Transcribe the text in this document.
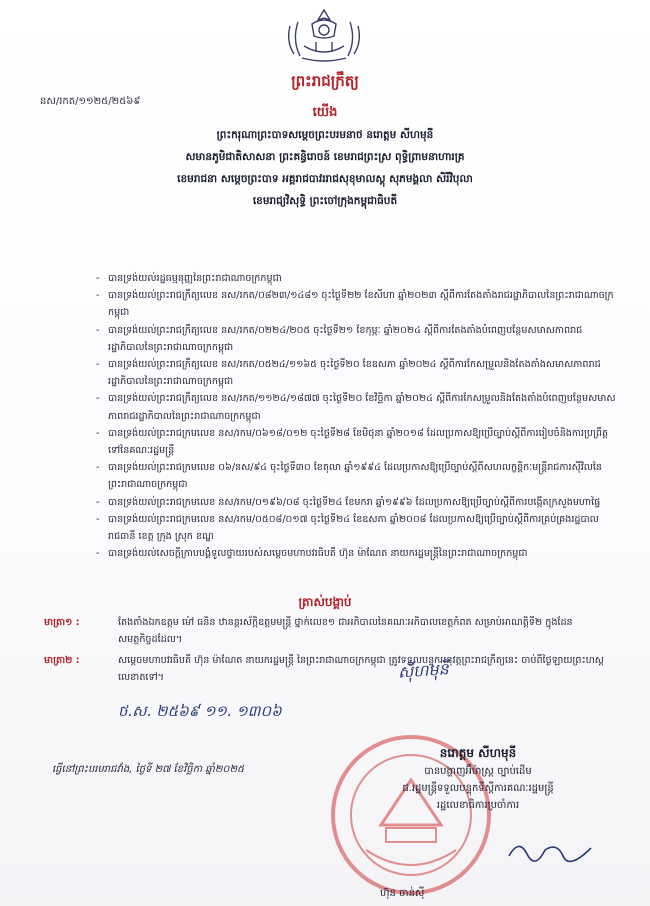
ព្រះរាជក្រឹត្យ
នស/រកត/១១២៥/២៥៦៩
យើង
ព្រះករុណាព្រះបាទសម្តេចព្រះបរមនាថ នរោត្តម សីហមុនី
សមានភូមិជាតិសាសនា ព្រះគន្ធិរោចន៍ ខេមរាជព្រះស្រ ពុទ្ធិព្រាមនាហារគ្រ
ខេមរាជនា សម្តេចព្រះបាទ អគ្គរាជបាវររាជសុខុមាលស្តុ សុភមង្គលា សិរីវិបុលា
ខេមរាជ្យវិសុទ្ធិ ព្រះចៅក្រុងកម្ពុជាធិបតី
- បានទ្រង់យល់រដ្ឋធម្មនុញ្ញនៃព្រះរាជាណាចក្រកម្ពុជា
- បានទ្រង់យល់ព្រះរាជក្រឹត្យលេខ នស/រកត/០៨២៣/១៤៨១ ចុះថ្ងៃទី២២ ខែសីហា ឆ្នាំ២០២៣ ស្តីពីការតែងតាំងរាជរដ្ឋាភិបាលនៃព្រះរាជាណាចក្រកម្ពុជា
- បានទ្រង់យល់ព្រះរាជក្រឹត្យលេខ នស/រកត/០២២៤/២០៥ ចុះថ្ងៃទី២១ ខែកុម្ភៈ ឆ្នាំ២០២៤ ស្តីពីការតែងតាំងបំពេញបន្ថែមសមាសភាពរាជរដ្ឋាភិបាលនៃព្រះរាជាណាចក្រកម្ពុជា
- បានទ្រង់យល់ព្រះរាជក្រឹត្យលេខ នស/រកត/០៥២៤/១១៦៥ ចុះថ្ងៃទី២០ ខែឧសភា ឆ្នាំ២០២៤ ស្តីពីការកែសម្រួលនិងតែងតាំងសមាសភាពរាជរដ្ឋាភិបាលនៃព្រះរាជាណាចក្រកម្ពុជា
- បានទ្រង់យល់ព្រះរាជក្រឹត្យលេខ នស/រកត/១១២៤/១៨៧៧ ចុះថ្ងៃទី២០ ខែវិច្ឆិកា ឆ្នាំ២០២៤ ស្តីពីការកែសម្រួលនិងតែងតាំងបំពេញបន្ថែមសមាសភាពរាជរដ្ឋាភិបាលនៃព្រះរាជាណាចក្រកម្ពុជា
- បានទ្រង់យល់ព្រះរាជក្រមលេខ នស/រកម/០៦១៨/០១២ ចុះថ្ងៃទី២៨ ខែមិថុនា ឆ្នាំ២០១៨ ដែលប្រកាសឱ្យប្រើច្បាប់ស្តីពីការរៀបចំនិងការប្រព្រឹត្តទៅនៃគណៈរដ្ឋមន្ត្រី
- បានទ្រង់យល់ព្រះរាជក្រមលេខ ០៦/នស/៩៤ ចុះថ្ងៃទី៣០ ខែតុលា ឆ្នាំ១៩៩៤ ដែលប្រកាសឱ្យប្រើច្បាប់ស្តីពីសហលក្ខន្តិកៈមន្ត្រីរាជការស៊ីវិលនៃព្រះរាជាណាចក្រកម្ពុជា
- បានទ្រង់យល់ព្រះរាជក្រមលេខ នស/រកម/០១៩៦/០៨ ចុះថ្ងៃទី២៤ ខែមករា ឆ្នាំ១៩៩៦ ដែលប្រកាសឱ្យប្រើច្បាប់ស្តីពីការបង្កើតក្រសួងមហាផ្ទៃ
- បានទ្រង់យល់ព្រះរាជក្រមលេខ នស/រកម/០៥០៨/០១៧ ចុះថ្ងៃទី២៤ ខែឧសភា ឆ្នាំ២០០៨ ដែលប្រកាសឱ្យប្រើច្បាប់ស្តីពីការគ្រប់គ្រងរដ្ឋបាលរាជធានី ខេត្ត ក្រុង ស្រុក ខណ្ឌ
- បានទ្រង់យល់សេចក្តីក្រាបបង្គំទូលថ្វាយរបស់សម្តេចមហាបវរធិបតី ហ៊ុន ម៉ាណែត នាយករដ្ឋមន្ត្រីនៃព្រះរាជាណាចក្រកម្ពុជា
ត្រាស់បង្គាប់
មាត្រា១ :	តែងតាំងឯកឧត្តម ម៉ៅ ធនិន ឋានន្តរស័ក្តិឧត្តមមន្ត្រី ថ្នាក់លេខ១ ជាអភិបាលនៃគណៈអភិបាលខេត្តកំពត សម្រាប់អាណត្តិទី២ ក្នុងដែនសមត្ថកិច្ចដដែល។
មាត្រា២ :	សម្តេចមហាបវរធិបតី ហ៊ុន ម៉ាណែត នាយករដ្ឋមន្ត្រី នៃព្រះរាជាណាចក្រកម្ពុជា ត្រូវទទួលបន្ទុកអនុវត្តព្រះរាជក្រឹត្យនេះ ចាប់ពីថ្ងៃឡាយព្រះហស្តលេខាតទៅ។	ស៊ីហមុនី
ថ.ស. ២៥៦៩ ១១. ១៣០៦
ធ្វើនៅព្រះបរមរាជវាំង, ថ្ងៃទី ២៧ ខែវិច្ឆិកា ឆ្នាំ២០២៥
នរោត្តម សីហមុនី
បានបង្ហាញអ៊ីម៉ាស្រ្ត ច្បាប់ដើម
ជ.រដ្ឋមន្ត្រីទទួលបន្ទុកទីស្តីការគណៈរដ្ឋមន្ត្រី
រដ្ឋលេខាធិការប្រចាំការ
ហ៊ុន ចាន់ស៊ី
